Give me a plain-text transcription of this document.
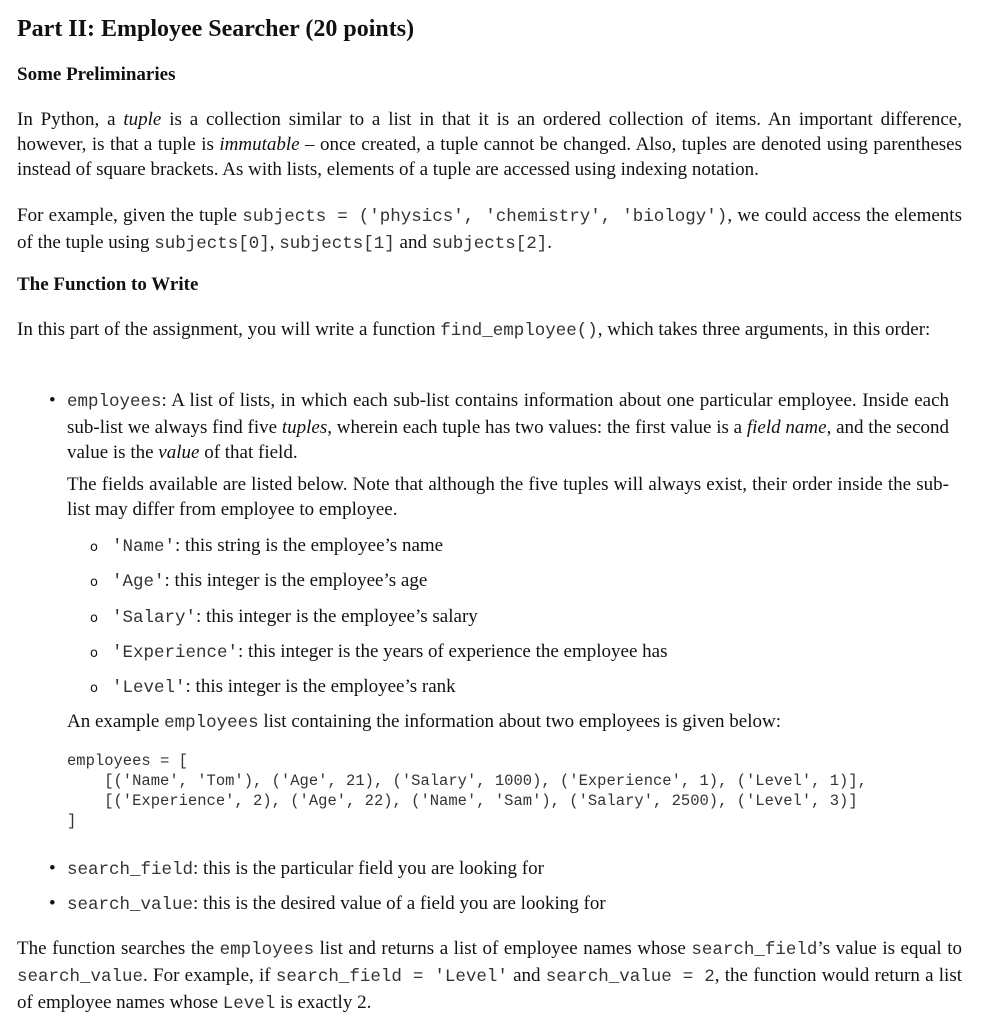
Part II: Employee Searcher (20 points)
Some Preliminaries

In Python, a tuple is a collection similar to a list in that it is an ordered collection of items. An important difference, however, is that a tuple is immutable – once created, a tuple cannot be changed. Also, tuples are denoted using parentheses instead of square brackets. As with lists, elements of a tuple are accessed using indexing notation.

For example, given the tuple subjects = ('physics', 'chemistry', 'biology'), we could access the elements of the tuple using subjects[0], subjects[1] and subjects[2].

The Function to Write

In this part of the assignment, you will write a function find_employee(), which takes three arguments, in this order:

• employees: A list of lists, in which each sub-list contains information about one particular employee. Inside each sub-list we always find five tuples, wherein each tuple has two values: the first value is a field name, and the second value is the value of that field.

The fields available are listed below. Note that although the five tuples will always exist, their order inside the sub-list may differ from employee to employee.

o 'Name': this string is the employee’s name
o 'Age': this integer is the employee’s age
o 'Salary': this integer is the employee’s salary
o 'Experience': this integer is the years of experience the employee has
o 'Level': this integer is the employee’s rank

An example employees list containing the information about two employees is given below:

employees = [
[('Name', 'Tom'), ('Age', 21), ('Salary', 1000), ('Experience', 1), ('Level', 1)],
[('Experience', 2), ('Age', 22), ('Name', 'Sam'), ('Salary', 2500), ('Level', 3)]
]
• search_field: this is the particular field you are looking for

• search_value: this is the desired value of a field you are looking for

The function searches the employees list and returns a list of employee names whose search_field’s value is equal to search_value. For example, if search_field = 'Level' and search_value = 2, the function would return a list of employee names whose Level is exactly 2.
